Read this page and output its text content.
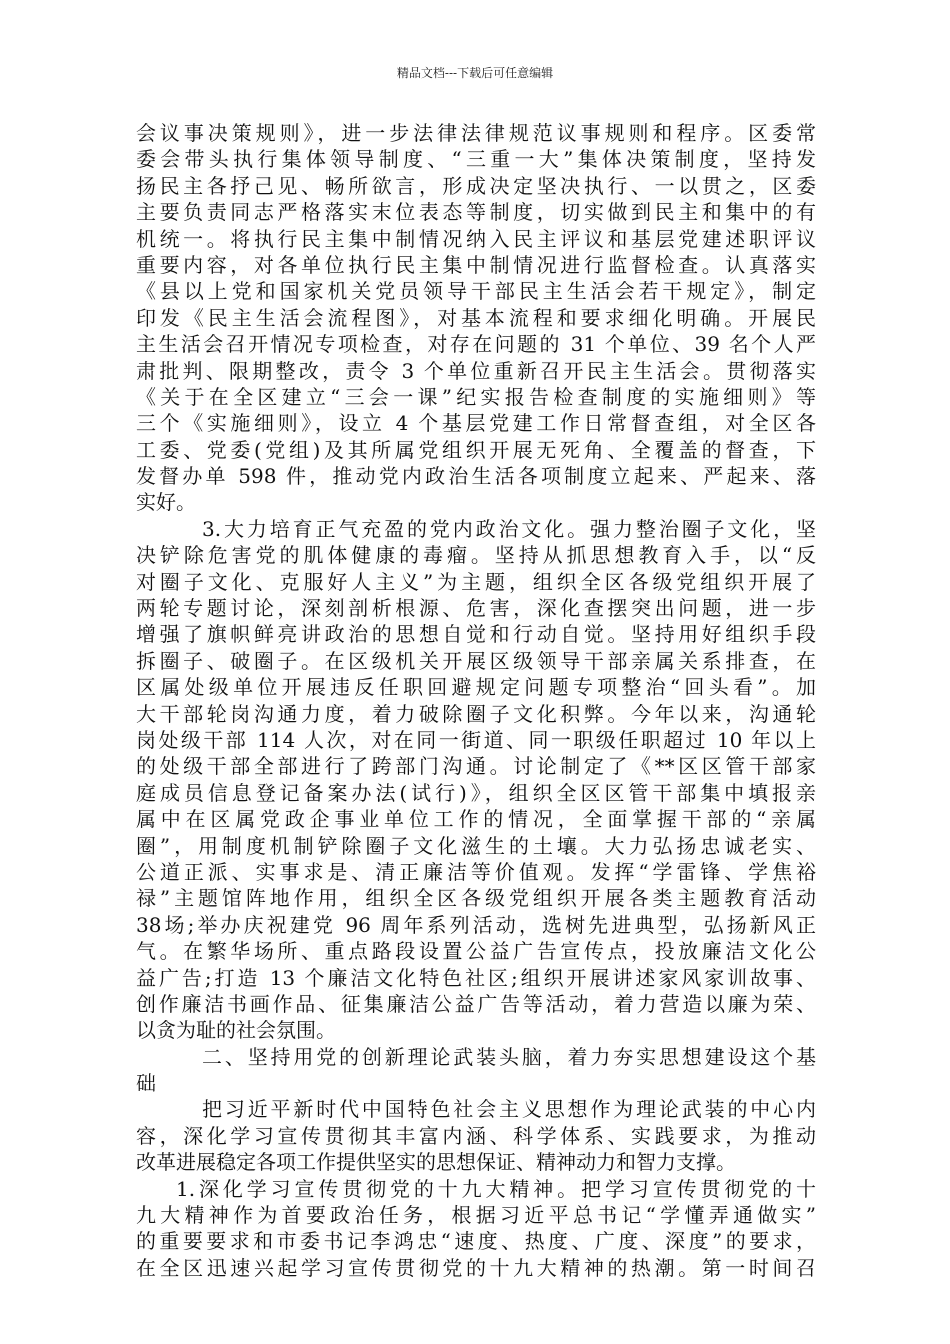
精品文档---下载后可任意编辑

会议事决策规则》，进一步法律法律规范议事规则和程序。区委常

委会带头执行集体领导制度、“三重一大”集体决策制度，坚持发

扬民主各抒己见、畅所欲言，形成决定坚决执行、一以贯之，区委

主要负责同志严格落实末位表态等制度，切实做到民主和集中的有

机统一。将执行民主集中制情况纳入民主评议和基层党建述职评议

重要内容，对各单位执行民主集中制情况进行监督检查。认真落实

《县以上党和国家机关党员领导干部民主生活会若干规定》，制定

印发《民主生活会流程图》，对基本流程和要求细化明确。开展民

主生活会召开情况专项检查，对存在问题的 31 个单位、39 名个人严

肃批判、限期整改，责令 3 个单位重新召开民主生活会。贯彻落实

《关于在全区建立“三会一课”纪实报告检查制度的实施细则》等

三个《实施细则》，设立 4 个基层党建工作日常督查组，对全区各

工委、党委(党组)及其所属党组织开展无死角、全覆盖的督查，下

发督办单 598 件，推动党内政治生活各项制度立起来、严起来、落

实好。

3.大力培育正气充盈的党内政治文化。强力整治圈子文化，坚

决铲除危害党的肌体健康的毒瘤。坚持从抓思想教育入手，以“反

对圈子文化、克服好人主义”为主题，组织全区各级党组织开展了

两轮专题讨论，深刻剖析根源、危害，深化查摆突出问题，进一步

增强了旗帜鲜亮讲政治的思想自觉和行动自觉。坚持用好组织手段

拆圈子、破圈子。在区级机关开展区级领导干部亲属关系排查，在

区属处级单位开展违反任职回避规定问题专项整治“回头看”。加

大干部轮岗沟通力度，着力破除圈子文化积弊。今年以来，沟通轮

岗处级干部 114 人次，对在同一街道、同一职级任职超过 10 年以上

的处级干部全部进行了跨部门沟通。讨论制定了《**区区管干部家

庭成员信息登记备案办法(试行)》，组织全区区管干部集中填报亲

属中在区属党政企事业单位工作的情况，全面掌握干部的“亲属

圈”，用制度机制铲除圈子文化滋生的土壤。大力弘扬忠诚老实、

公道正派、实事求是、清正廉洁等价值观。发挥“学雷锋、学焦裕

禄”主题馆阵地作用，组织全区各级党组织开展各类主题教育活动

38场;举办庆祝建党 96 周年系列活动，选树先进典型，弘扬新风正

气。在繁华场所、重点路段设置公益广告宣传点，投放廉洁文化公

益广告;打造 13 个廉洁文化特色社区;组织开展讲述家风家训故事、

创作廉洁书画作品、征集廉洁公益广告等活动，着力营造以廉为荣、

以贪为耻的社会氛围。

二、坚持用党的创新理论武装头脑，着力夯实思想建设这个基

础

把习近平新时代中国特色社会主义思想作为理论武装的中心内

容，深化学习宣传贯彻其丰富内涵、科学体系、实践要求，为推动

改革进展稳定各项工作提供坚实的思想保证、精神动力和智力支撑。

1.深化学习宣传贯彻党的十九大精神。把学习宣传贯彻党的十

九大精神作为首要政治任务，根据习近平总书记“学懂弄通做实”

的重要要求和市委书记李鸿忠“速度、热度、广度、深度”的要求，

在全区迅速兴起学习宣传贯彻党的十九大精神的热潮。第一时间召
